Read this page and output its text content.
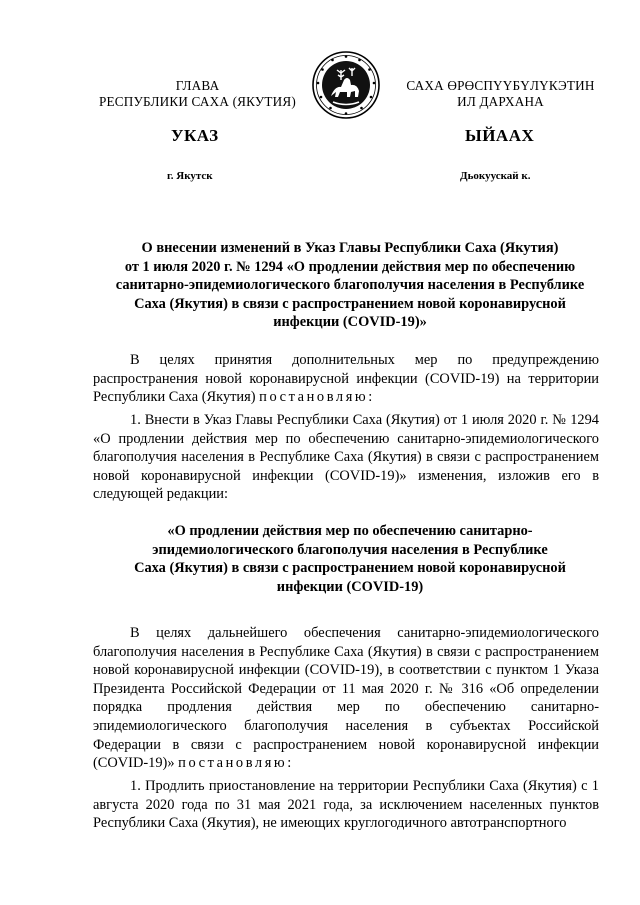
ГЛАВА
РЕСПУБЛИКИ САХА (ЯКУТИЯ)
САХА ӨРӨСПҮҮБҮЛҮКЭТИН
ИЛ ДАРХАНА
УКАЗ	ЫЙААХ
г. Якутск	Дьокуускай к.
О внесении изменений в Указ Главы Республики Саха (Якутия)
от 1 июля 2020 г. № 1294 «О продлении действия мер по обеспечению
санитарно-эпидемиологического благополучия населения в Республике
Саха (Якутия) в связи с распространением новой коронавирусной
инфекции (COVID-19)»
В целях принятия дополнительных мер по предупреждению распространения новой коронавирусной инфекции (COVID-19) на территории Республики Саха (Якутия) постановляю:
1. Внести в Указ Главы Республики Саха (Якутия) от 1 июля 2020 г. № 1294 «О продлении действия мер по обеспечению санитарно-эпидемиологического благополучия населения в Республике Саха (Якутия) в связи с распространением новой коронавирусной инфекции (COVID-19)» изменения, изложив его в следующей редакции:
«О продлении действия мер по обеспечению санитарно-
эпидемиологического благополучия населения в Республике
Саха (Якутия) в связи с распространением новой коронавирусной
инфекции (COVID-19)
В целях дальнейшего обеспечения санитарно-эпидемиологического благополучия населения в Республике Саха (Якутия) в связи с распространением новой коронавирусной инфекции (COVID-19), в соответствии с пунктом 1 Указа Президента Российской Федерации от 11 мая 2020 г. № 316 «Об определении порядка продления действия мер по обеспечению санитарно-эпидемиологического благополучия населения в субъектах Российской Федерации в связи с распространением новой коронавирусной инфекции (COVID-19)» постановляю:
1. Продлить приостановление на территории Республики Саха (Якутия) с 1 августа 2020 года по 31 мая 2021 года, за исключением населенных пунктов Республики Саха (Якутия), не имеющих круглогодичного автотранспортного
